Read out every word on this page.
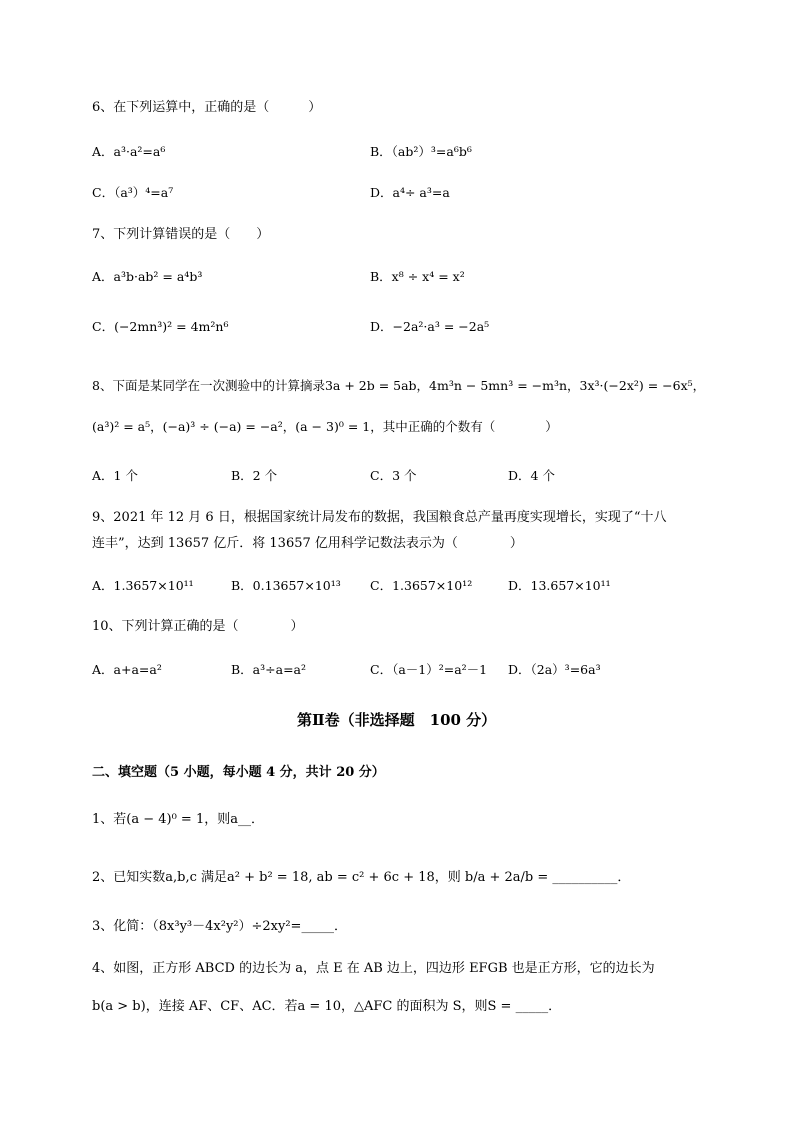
6、在下列运算中，正确的是（　　　）
A．a³·a²=a⁶	B．（ab²）³=a⁶b⁶
C．（a³）⁴=a⁷	D．a⁴÷ a³=a
7、下列计算错误的是（　　）
A．a³b·ab² = a⁴b³	B．x⁸ ÷ x⁴ = x²
C．(−2mn³)² = 4m²n⁶	D．−2a²·a³ = −2a⁵
8、下面是某同学在一次测验中的计算摘录3a + 2b = 5ab，4m³n − 5mn³ = −m³n，3x³·(−2x²) = −6x⁵，
(a³)² = a⁵，(−a)³ ÷ (−a) = −a²，(a − 3)⁰ = 1，其中正确的个数有（　　　　）
A．1 个	B．2 个	C．3 个	D．4 个
9、2021 年 12 月 6 日，根据国家统计局发布的数据，我国粮食总产量再度实现增长，实现了“十八
连丰”，达到 13657 亿斤．将 13657 亿用科学记数法表示为（　　　　）
A．1.3657×10¹¹	B．0.13657×10¹³ C．1.3657×10¹²	D．13.657×10¹¹
10、下列计算正确的是（　　　　）
A．a+a=a²	B．a³÷a=a²	C．（a－1）²=a²－1 D．（2a）³=6a³
第Ⅱ卷（非选择题　100 分）
二、填空题（5 小题，每小题 4 分，共计 20 分）
1、若(a − 4)⁰ = 1，则a__．
2、已知实数a,b,c 满足a² + b² = 18, ab = c² + 6c + 18，则 b/a + 2a/b = __________．
3、化简：（8x³y³－4x²y²）÷2xy²=_____．
4、如图，正方形 ABCD 的边长为 a，点 E 在 AB 边上，四边形 EFGB 也是正方形，它的边长为
b(a > b)，连接 AF、CF、AC．若a = 10，△AFC 的面积为 S，则S = _____．
